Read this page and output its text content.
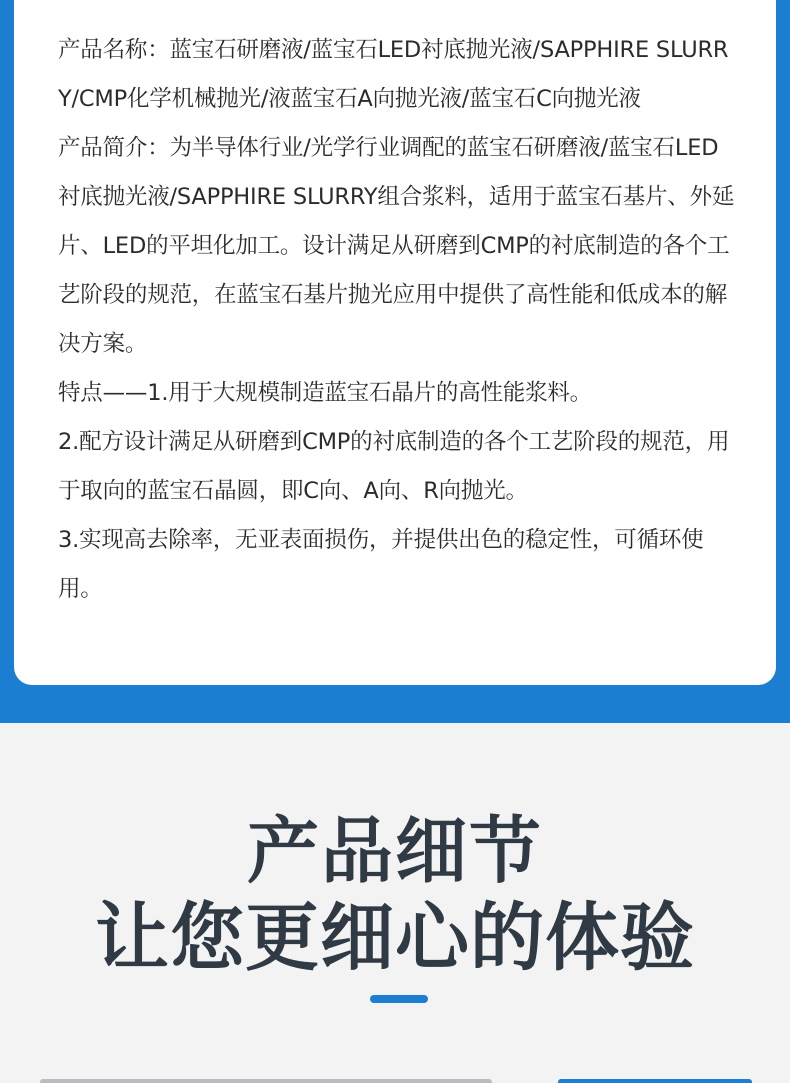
产品名称：蓝宝石研磨液/蓝宝石LED衬底抛光液/SAPPHIRE SLURRY/CMP化学机械抛光/液蓝宝石A向抛光液/蓝宝石C向抛光液

产品简介：为半导体行业/光学行业调配的蓝宝石研磨液/蓝宝石LED衬底抛光液/SAPPHIRE SLURRY组合浆料，适用于蓝宝石基片、外延片、LED的平坦化加工。设计满足从研磨到CMP的衬底制造的各个工艺阶段的规范，在蓝宝石基片抛光应用中提供了高性能和低成本的解决方案。

特点——1.用于大规模制造蓝宝石晶片的高性能浆料。

2.配方设计满足从研磨到CMP的衬底制造的各个工艺阶段的规范，用于取向的蓝宝石晶圆，即C向、A向、R向抛光。

3.实现高去除率，无亚表面损伤，并提供出色的稳定性，可循环使用。

产品细节
让您更细心的体验
